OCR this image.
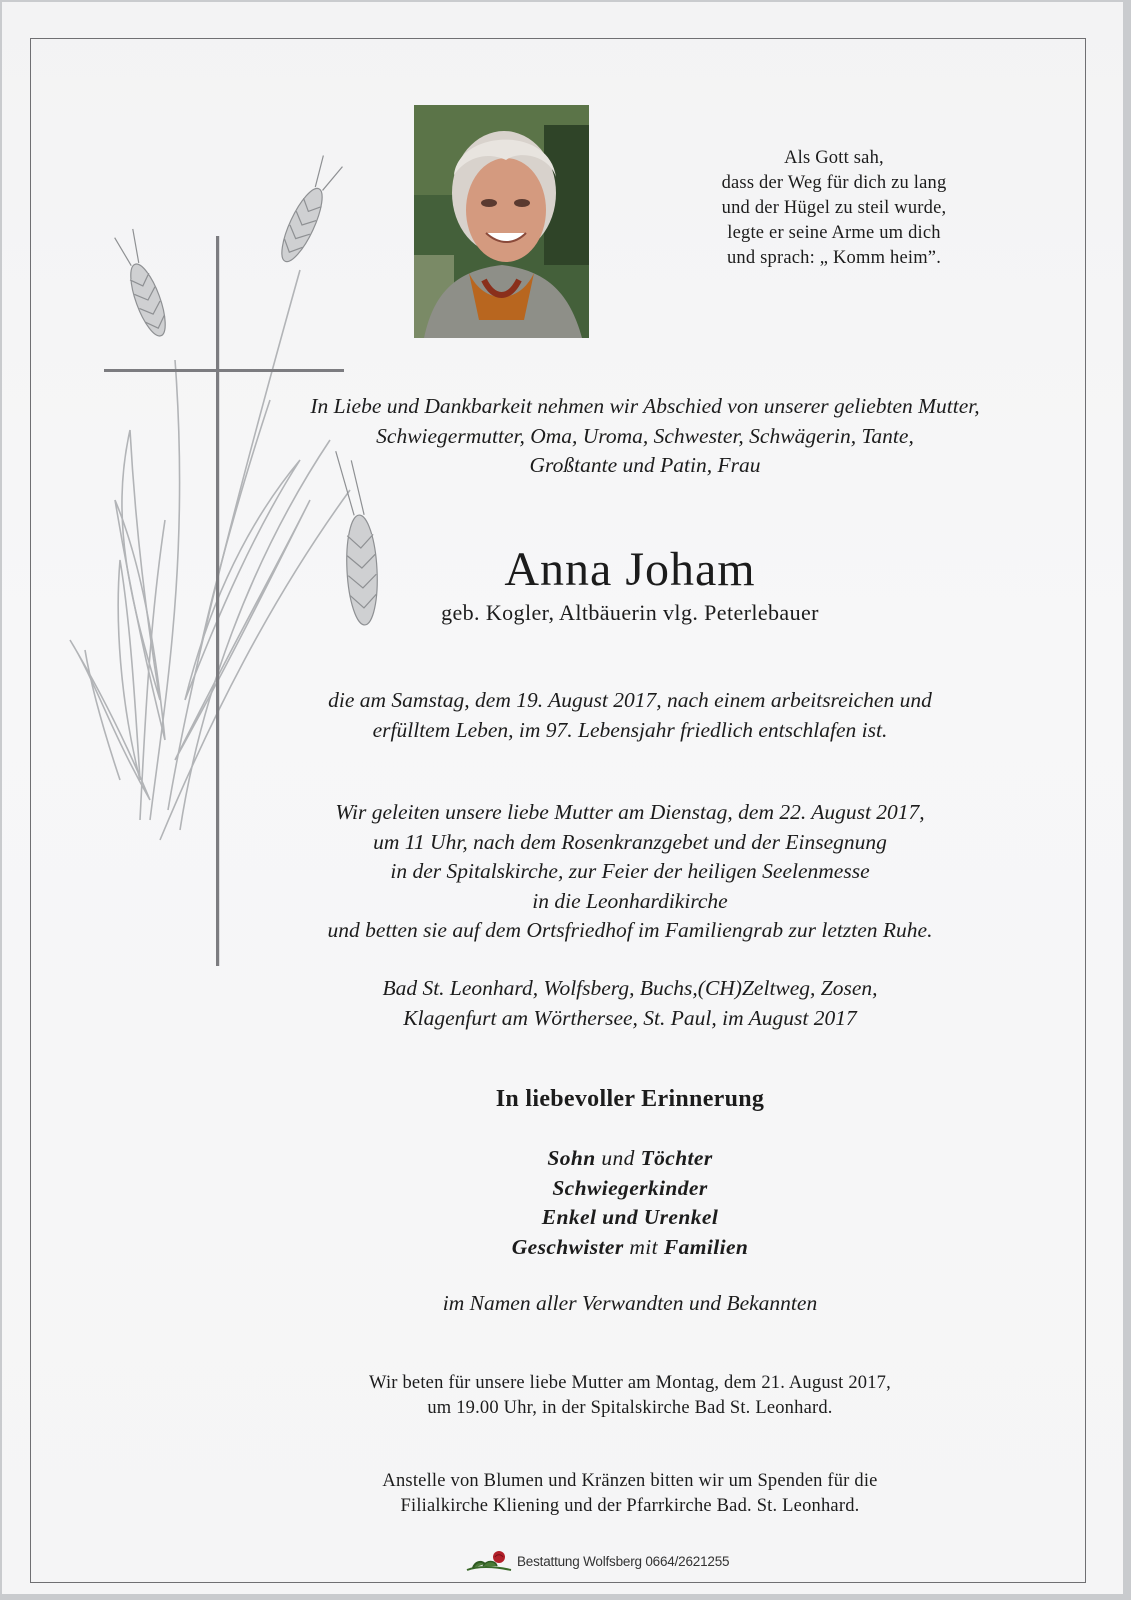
Als Gott sah,
dass der Weg für dich zu lang
und der Hügel zu steil wurde,
legte er seine Arme um dich
und sprach: „ Komm heim”.
In Liebe und Dankbarkeit nehmen wir Abschied von unserer geliebten Mutter,
Schwiegermutter, Oma, Uroma, Schwester, Schwägerin, Tante,
Großtante und Patin, Frau
Anna Joham
geb. Kogler, Altbäuerin vlg. Peterlebauer
die am Samstag, dem 19. August 2017, nach einem arbeitsreichen und
erfülltem Leben, im 97. Lebensjahr friedlich entschlafen ist.
Wir geleiten unsere liebe Mutter am Dienstag, dem 22. August 2017,
um 11 Uhr, nach dem Rosenkranzgebet und der Einsegnung
in der Spitalskirche, zur Feier der heiligen Seelenmesse
in die Leonhardikirche
und betten sie auf dem Ortsfriedhof im Familiengrab zur letzten Ruhe.
Bad St. Leonhard, Wolfsberg, Buchs,(CH)Zeltweg, Zosen,
Klagenfurt am Wörthersee, St. Paul, im August 2017
In liebevoller Erinnerung
Sohn und Töchter
Schwiegerkinder
Enkel und Urenkel
Geschwister mit Familien
im Namen aller Verwandten und Bekannten
Wir beten für unsere liebe Mutter am Montag, dem 21. August 2017,
um 19.00 Uhr, in der Spitalskirche Bad St. Leonhard.
Anstelle von Blumen und Kränzen bitten wir um Spenden für die
Filialkirche Kliening und der Pfarrkirche Bad. St. Leonhard.
Bestattung Wolfsberg 0664/2621255
